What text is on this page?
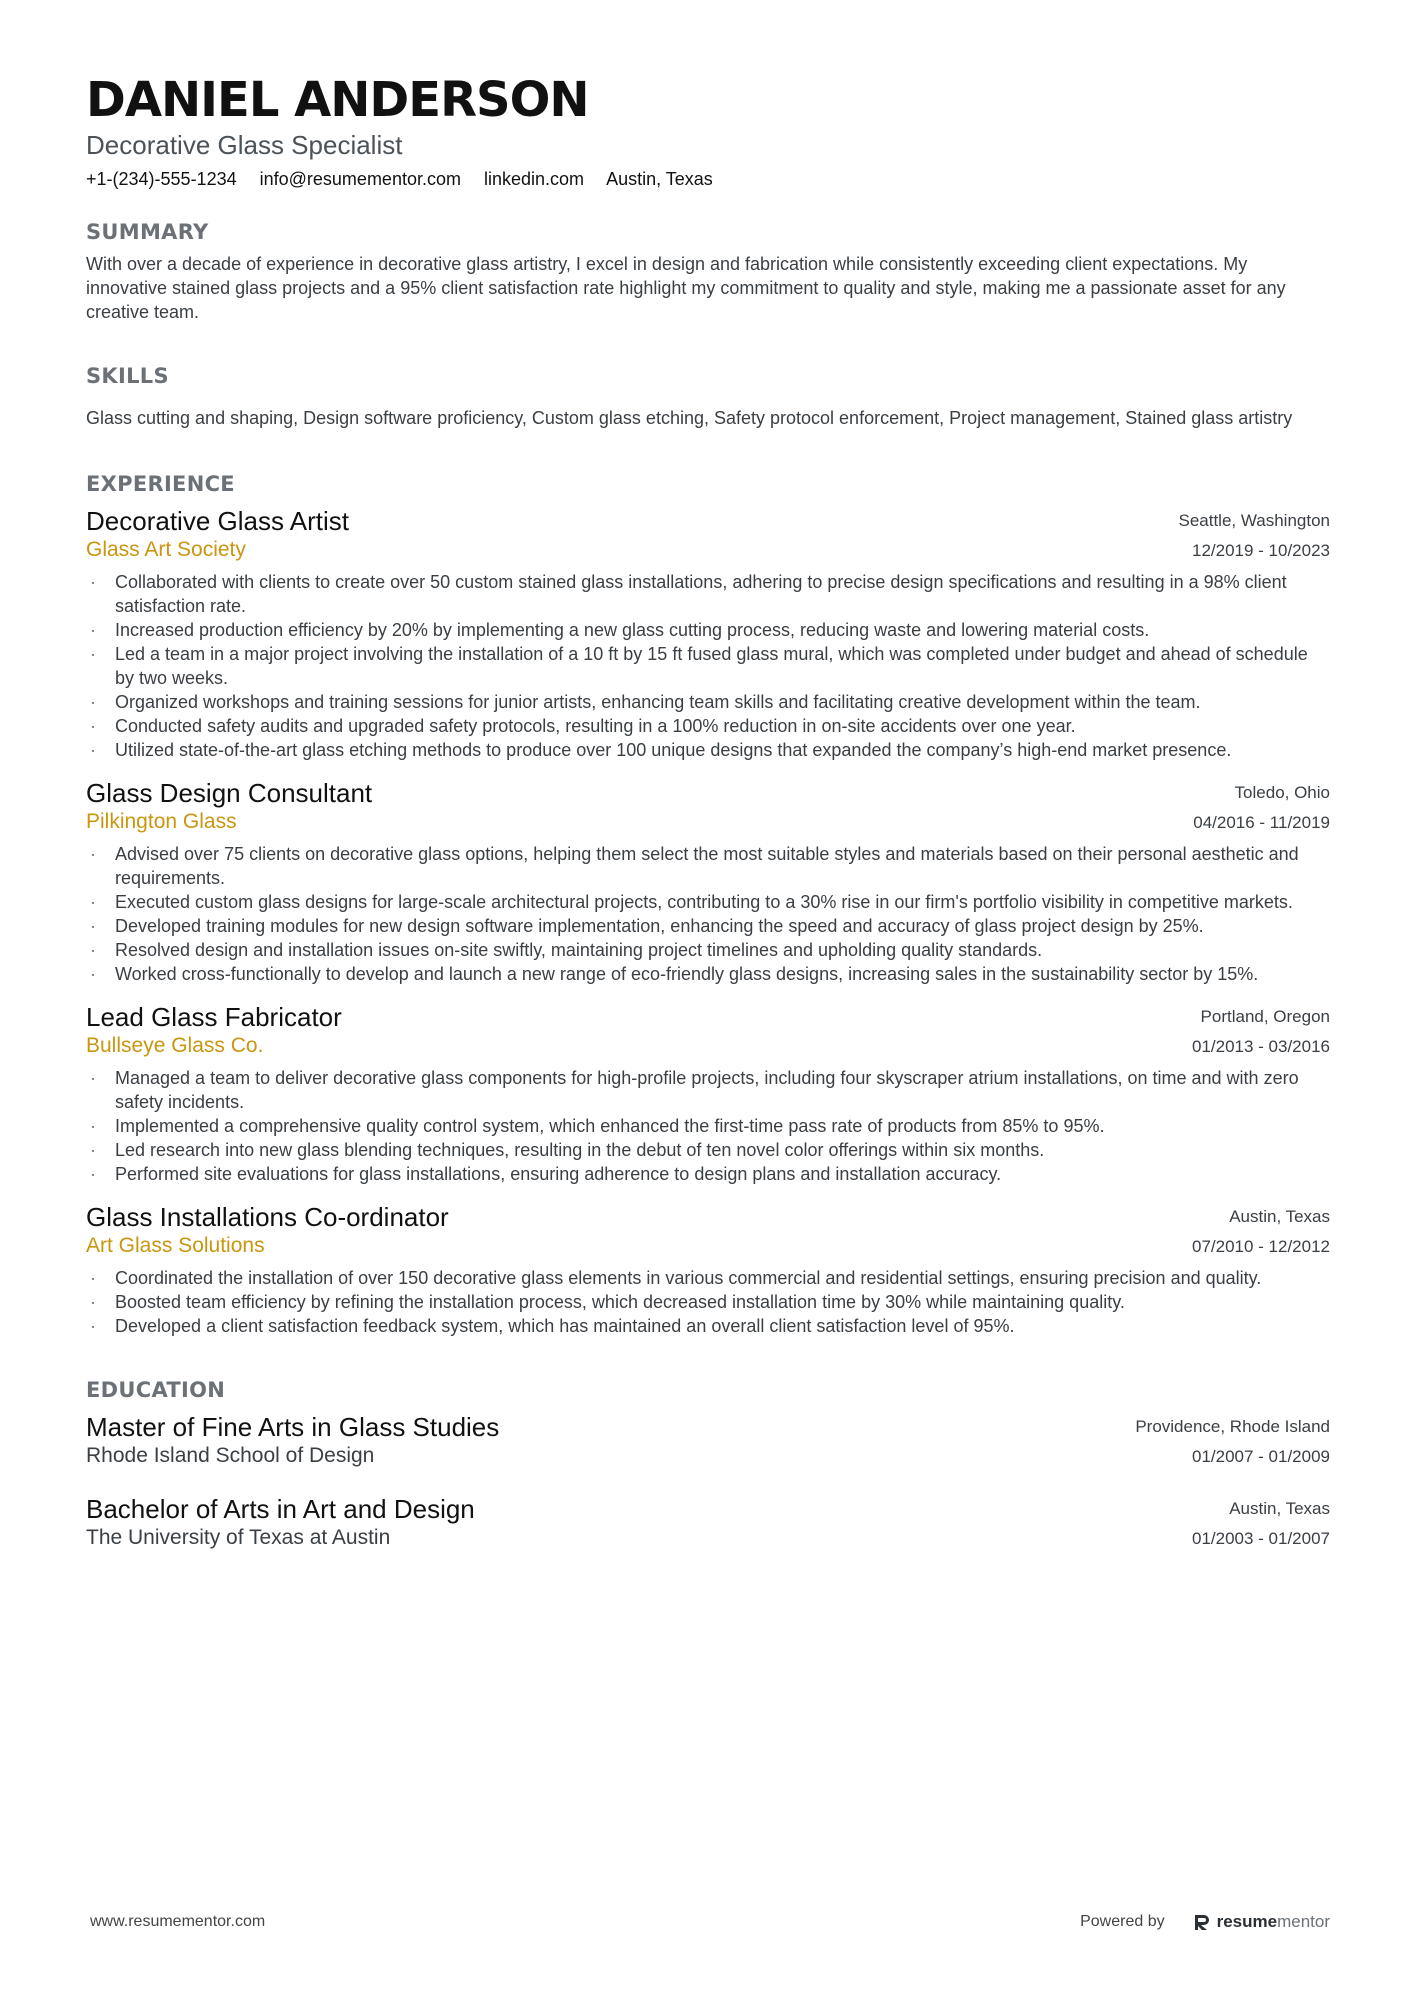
DANIEL ANDERSON
Decorative Glass Specialist
+1-(234)-555-1234 info@resumementor.com linkedin.com Austin, Texas
SUMMARY
With over a decade of experience in decorative glass artistry, I excel in design and fabrication while consistently exceeding client expectations. My innovative stained glass projects and a 95% client satisfaction rate highlight my commitment to quality and style, making me a passionate asset for any creative team.
SKILLS
Glass cutting and shaping, Design software proficiency, Custom glass etching, Safety protocol enforcement, Project management, Stained glass artistry
EXPERIENCE
Decorative Glass Artist
Glass Art Society
Seattle, Washington
12/2019 - 10/2023
· Collaborated with clients to create over 50 custom stained glass installations, adhering to precise design specifications and resulting in a 98% client satisfaction rate.
· Increased production efficiency by 20% by implementing a new glass cutting process, reducing waste and lowering material costs.
· Led a team in a major project involving the installation of a 10 ft by 15 ft fused glass mural, which was completed under budget and ahead of schedule by two weeks.
· Organized workshops and training sessions for junior artists, enhancing team skills and facilitating creative development within the team.
· Conducted safety audits and upgraded safety protocols, resulting in a 100% reduction in on-site accidents over one year.
· Utilized state-of-the-art glass etching methods to produce over 100 unique designs that expanded the company’s high-end market presence.
Glass Design Consultant
Pilkington Glass
Toledo, Ohio
04/2016 - 11/2019
· Advised over 75 clients on decorative glass options, helping them select the most suitable styles and materials based on their personal aesthetic and requirements.
· Executed custom glass designs for large-scale architectural projects, contributing to a 30% rise in our firm's portfolio visibility in competitive markets.
· Developed training modules for new design software implementation, enhancing the speed and accuracy of glass project design by 25%.
· Resolved design and installation issues on-site swiftly, maintaining project timelines and upholding quality standards.
· Worked cross-functionally to develop and launch a new range of eco-friendly glass designs, increasing sales in the sustainability sector by 15%.
Lead Glass Fabricator
Bullseye Glass Co.
Portland, Oregon
01/2013 - 03/2016
· Managed a team to deliver decorative glass components for high-profile projects, including four skyscraper atrium installations, on time and with zero safety incidents.
· Implemented a comprehensive quality control system, which enhanced the first-time pass rate of products from 85% to 95%.
· Led research into new glass blending techniques, resulting in the debut of ten novel color offerings within six months.
· Performed site evaluations for glass installations, ensuring adherence to design plans and installation accuracy.
Glass Installations Co-ordinator
Art Glass Solutions
Austin, Texas
07/2010 - 12/2012
· Coordinated the installation of over 150 decorative glass elements in various commercial and residential settings, ensuring precision and quality.
· Boosted team efficiency by refining the installation process, which decreased installation time by 30% while maintaining quality.
· Developed a client satisfaction feedback system, which has maintained an overall client satisfaction level of 95%.
EDUCATION
Master of Fine Arts in Glass Studies
Rhode Island School of Design
Providence, Rhode Island
01/2007 - 01/2009
Bachelor of Arts in Art and Design
The University of Texas at Austin
Austin, Texas
01/2003 - 01/2007
www.resumementor.com	Powered by	resumementor
